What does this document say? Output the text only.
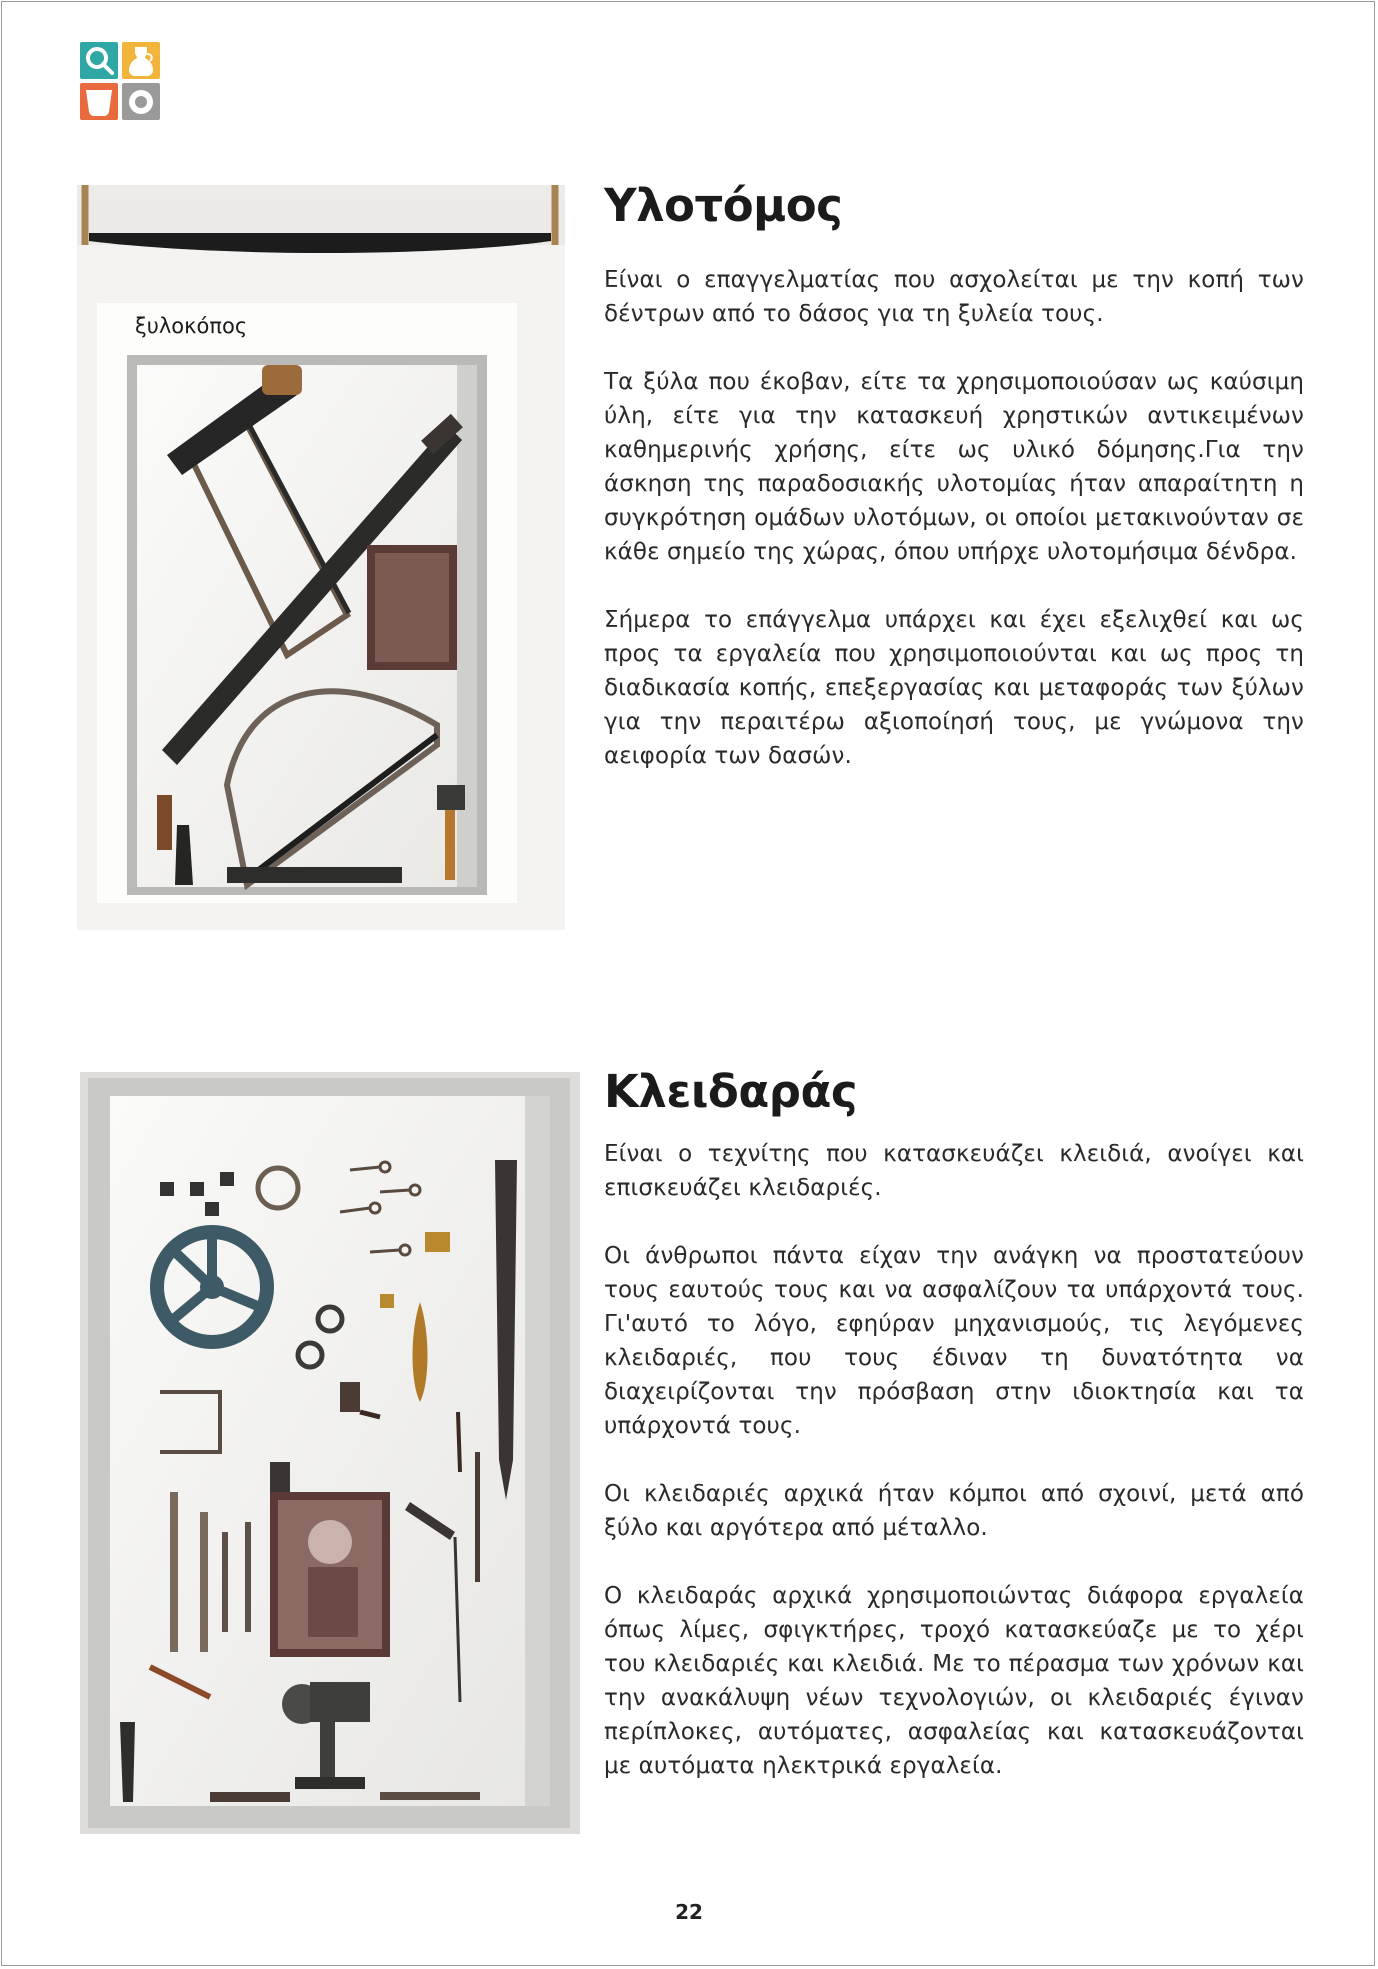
ξυλοκόπος
Υλοτόμος

Είναι ο επαγγελματίας που ασχολείται με την κοπή των δέντρων από το δάσος για τη ξυλεία τους.

Τα ξύλα που έκοβαν, είτε τα χρησιμοποιούσαν ως καύσιμη ύλη, είτε για την κατασκευή χρηστικών αντικειμένων καθημερινής χρήσης, είτε ως υλικό δόμησης.Για την άσκηση της παραδοσιακής υλοτομίας ήταν απαραίτητη η συγκρότηση ομάδων υλοτόμων, οι οποίοι μετακινούνταν σε κάθε σημείο της χώρας, όπου υπήρχε υλοτομήσιμα δένδρα.

Σήμερα το επάγγελμα υπάρχει και έχει εξελιχθεί και ως προς τα εργαλεία που χρησιμοποιούνται και ως προς τη διαδικασία κοπής, επεξεργασίας και μεταφοράς των ξύλων για την περαιτέρω αξιοποίησή τους, με γνώμονα την αειφορία των δασών.

Κλειδαράς

Είναι ο τεχνίτης που κατασκευάζει κλειδιά, ανοίγει και επισκευάζει κλειδαριές.

Οι άνθρωποι πάντα είχαν την ανάγκη να προστατεύουν τους εαυτούς τους και να ασφαλίζουν τα υπάρχοντά τους. Γι'αυτό το λόγο, εφηύραν μηχανισμούς, τις λεγόμενες κλειδαριές, που τους έδιναν τη δυνατότητα να διαχειρίζονται την πρόσβαση στην ιδιοκτησία και τα υπάρχοντά τους.

Οι κλειδαριές αρχικά ήταν κόμποι από σχοινί, μετά από ξύλο και αργότερα από μέταλλο.

Ο κλειδαράς αρχικά χρησιμοποιώντας διάφορα εργαλεία όπως λίμες, σφιγκτήρες, τροχό κατασκεύαζε με το χέρι του κλειδαριές και κλειδιά. Με το πέρασμα των χρόνων και την ανακάλυψη νέων τεχνολογιών, οι κλειδαριές έγιναν περίπλοκες, αυτόματες, ασφαλείας και κατασκευάζονται με αυτόματα ηλεκτρικά εργαλεία.

22
